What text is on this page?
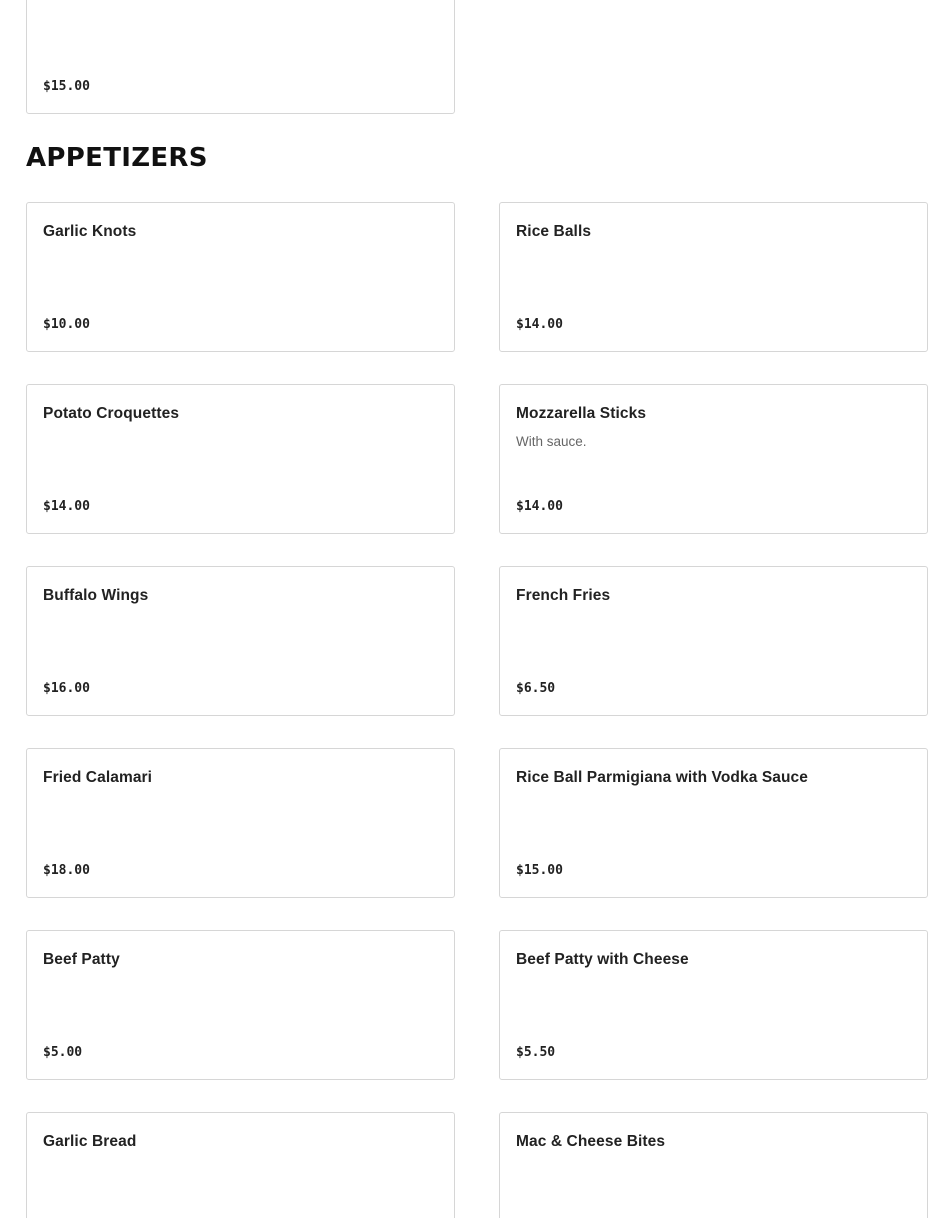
$15.00
APPETIZERS
Garlic Knots
$10.00
Rice Balls
$14.00
Potato Croquettes
$14.00
Mozzarella Sticks
With sauce.
$14.00
Buffalo Wings
$16.00
French Fries
$6.50
Fried Calamari
$18.00
Rice Ball Parmigiana with Vodka Sauce
$15.00
Beef Patty
$5.00
Beef Patty with Cheese
$5.50
Garlic Bread	Mac & Cheese Bites
